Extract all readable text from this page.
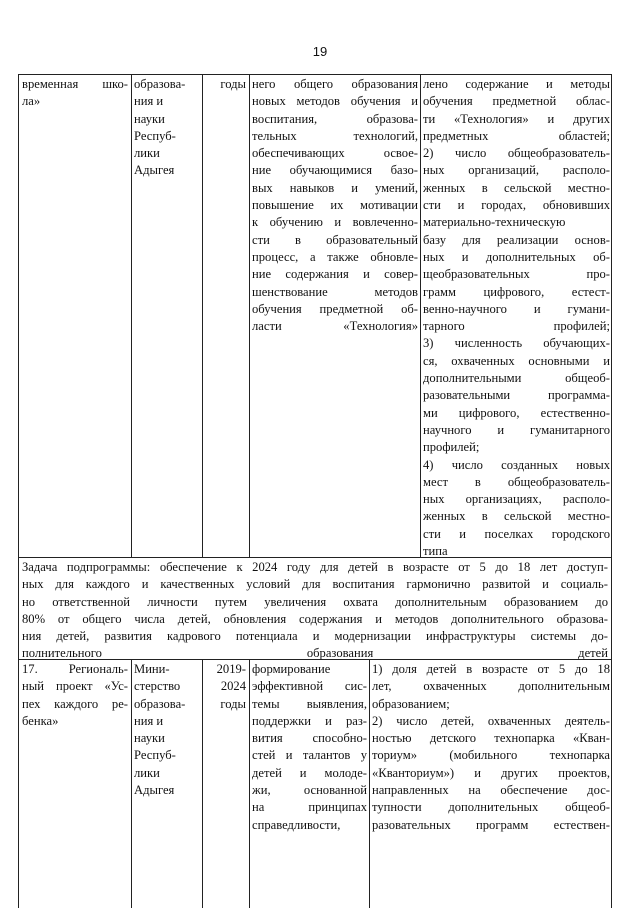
19
временная шко-
ла»
образова-
ния и
науки
Респуб-
лики
Адыгея
годы него общего образования
новых методов обучения и
воспитания, образова-
тельных технологий,
обеспечивающих освое-
ние обучающимися базо-
вых навыков и умений,
повышение их мотивации
к обучению и вовлеченно-
сти в образовательный
процесс, а также обновле-
ние содержания и совер-
шенствование методов
обучения предметной об-
ласти «Технология»
лено содержание и методы
обучения предметной облас-
ти «Технология» и других
предметных областей;
2) число общеобразователь-
ных организаций, располо-
женных в сельской местно-
сти и городах, обновивших
материально-техническую
базу для реализации основ-
ных и дополнительных об-
щеобразовательных про-
грамм цифрового, естест-
венно-научного и гумани-
тарного профилей;
3) численность обучающих-
ся, охваченных основными и
дополнительными общеоб-
разовательными программа-
ми цифрового, естественно-
научного и гуманитарного
профилей;
4) число созданных новых
мест в общеобразователь-
ных организациях, располо-
женных в сельской местно-
сти и поселках городского
типа
Задача подпрограммы: обеспечение к 2024 году для детей в возрасте от 5 до 18 лет доступ-
ных для каждого и качественных условий для воспитания гармонично развитой и социаль-
но ответственной личности путем увеличения охвата дополнительным образованием до
80% от общего числа детей, обновления содержания и методов дополнительного образова-
ния детей, развития кадрового потенциала и модернизации инфраструктуры системы до-
полнительного образования детей
17. Региональ-
ный проект «Ус-
пех каждого ре-
бенка»
Мини-
стерство
образова-
ния и
науки
Респуб-
лики
Адыгея
2019-
2024
годы
формирование
эффективной сис-
темы выявления,
поддержки и раз-
вития способно-
стей и талантов у
детей и молоде-
жи, основанной
на принципах
справедливости,
1) доля детей в возрасте от 5 до 18
лет, охваченных дополнительным
образованием;
2) число детей, охваченных деятель-
ностью детского технопарка «Кван-
ториум» (мобильного технопарка
«Кванториум») и других проектов,
направленных на обеспечение дос-
тупности дополнительных общеоб-
разовательных программ естествен-
